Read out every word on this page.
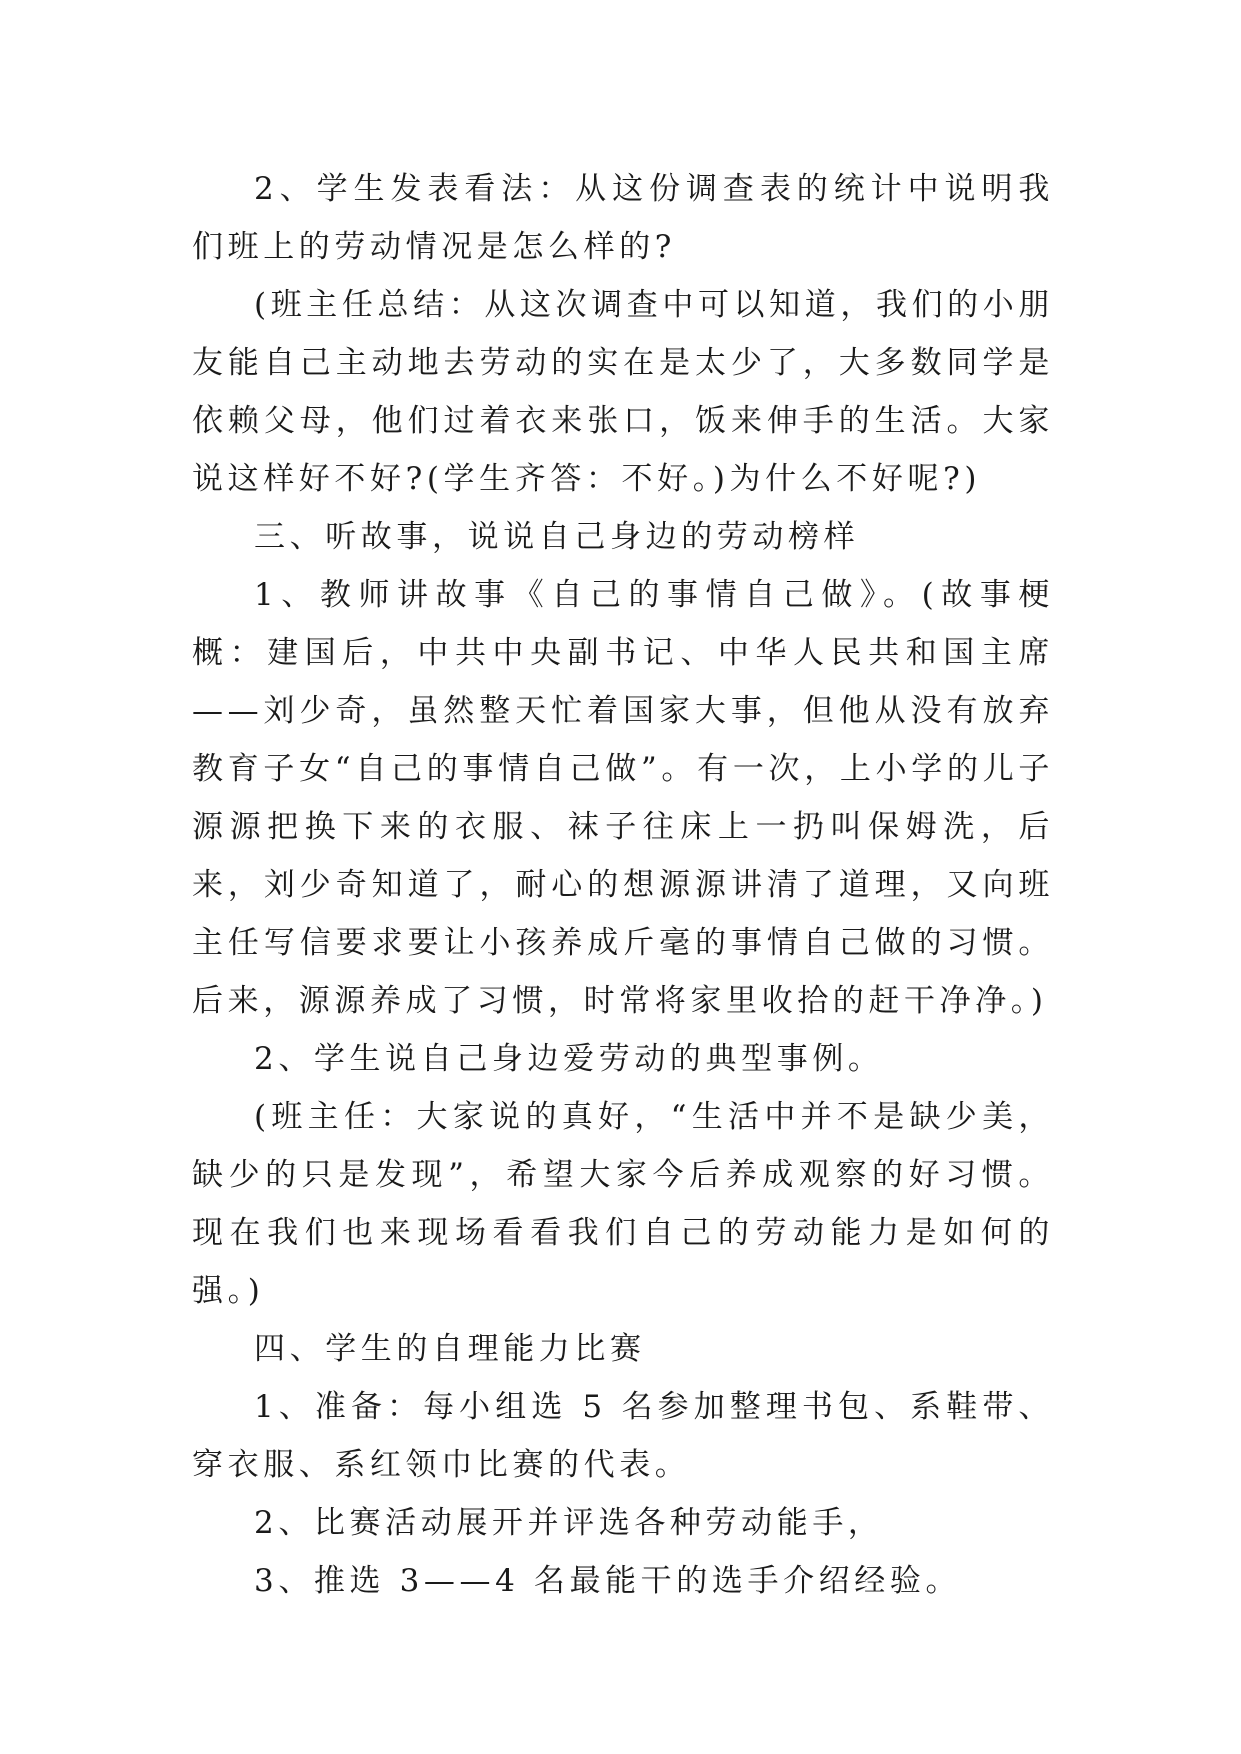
2、学生发表看法：从这份调查表的统计中说明我们班上的劳动情况是怎么样的?

(班主任总结：从这次调查中可以知道，我们的小朋友能自己主动地去劳动的实在是太少了，大多数同学是依赖父母，他们过着衣来张口，饭来伸手的生活。大家说这样好不好?(学生齐答：不好。)为什么不好呢?)

三、听故事，说说自己身边的劳动榜样

1、教师讲故事《自己的事情自己做》。(故事梗概：建国后，中共中央副书记、中华人民共和国主席——刘少奇，虽然整天忙着国家大事，但他从没有放弃教育子女“自己的事情自己做”。有一次，上小学的儿子源源把换下来的衣服、袜子往床上一扔叫保姆洗，后来，刘少奇知道了，耐心的想源源讲清了道理，又向班主任写信要求要让小孩养成斤毫的事情自己做的习惯。后来，源源养成了习惯，时常将家里收拾的赶干净净。)

2、学生说自己身边爱劳动的典型事例。

(班主任：大家说的真好，“生活中并不是缺少美，缺少的只是发现”，希望大家今后养成观察的好习惯。现在我们也来现场看看我们自己的劳动能力是如何的强。)

四、学生的自理能力比赛

1、准备：每小组选 5 名参加整理书包、系鞋带、穿衣服、系红领巾比赛的代表。

2、比赛活动展开并评选各种劳动能手，

3、推选 3——4 名最能干的选手介绍经验。
